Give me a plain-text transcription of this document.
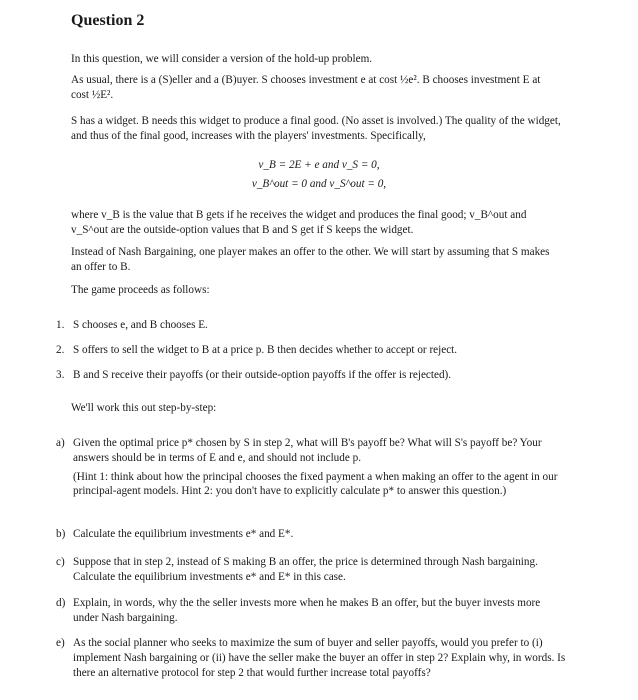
Question 2

In this question, we will consider a version of the hold-up problem.

As usual, there is a (S)eller and a (B)uyer. S chooses investment e at cost ½e². B chooses investment E at cost ½E².

S has a widget. B needs this widget to produce a final good. (No asset is involved.) The quality of the widget, and thus of the final good, increases with the players' investments. Specifically,

v_B = 2E + e and v_S = 0,
v_B^out = 0 and v_S^out = 0,

where v_B is the value that B gets if he receives the widget and produces the final good; v_B^out and v_S^out are the outside-option values that B and S get if S keeps the widget.

Instead of Nash Bargaining, one player makes an offer to the other. We will start by assuming that S makes an offer to B.

The game proceeds as follows:

1. S chooses e, and B chooses E.
2. S offers to sell the widget to B at a price p. B then decides whether to accept or reject.
3. B and S receive their payoffs (or their outside-option payoffs if the offer is rejected).

We'll work this out step-by-step:

a) Given the optimal price p* chosen by S in step 2, what will B's payoff be? What will S's payoff be? Your answers should be in terms of E and e, and should not include p.

(Hint 1: think about how the principal chooses the fixed payment a when making an offer to the agent in our principal-agent models. Hint 2: you don't have to explicitly calculate p* to answer this question.)

b) Calculate the equilibrium investments e* and E*.

c) Suppose that in step 2, instead of S making B an offer, the price is determined through Nash bargaining. Calculate the equilibrium investments e* and E* in this case.

d) Explain, in words, why the the seller invests more when he makes B an offer, but the buyer invests more under Nash bargaining.

e) As the social planner who seeks to maximize the sum of buyer and seller payoffs, would you prefer to (i) implement Nash bargaining or (ii) have the seller make the buyer an offer in step 2? Explain why, in words. Is there an alternative protocol for step 2 that would further increase total payoffs?
